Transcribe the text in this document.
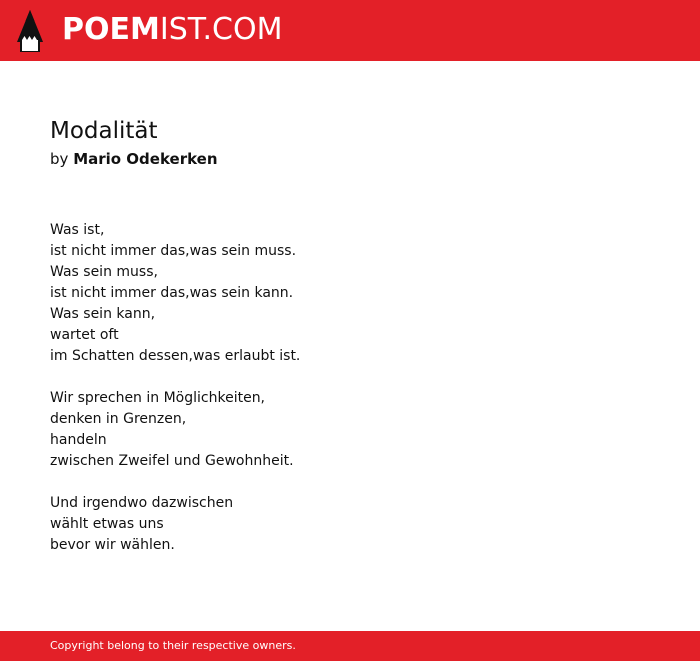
POEMIST.COM
Modalität
by Mario Odekerken
Was ist,
ist nicht immer das,was sein muss.
Was sein muss,
ist nicht immer das,was sein kann.
Was sein kann,
wartet oft
im Schatten dessen,was erlaubt ist.
Wir sprechen in Möglichkeiten,
denken in Grenzen,
handeln
zwischen Zweifel und Gewohnheit.
Und irgendwo dazwischen
wählt etwas uns
bevor wir wählen.
Copyright belong to their respective owners.
